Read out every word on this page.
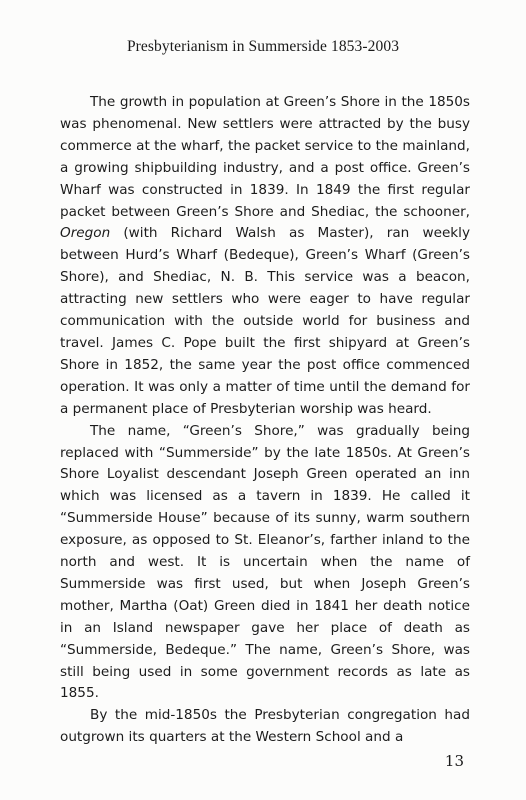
Presbyterianism in Summerside 1853-2003

The growth in population at Green’s Shore in the 1850s was phenomenal. New settlers were attracted by the busy commerce at the wharf, the packet service to the mainland, a growing shipbuilding industry, and a post office. Green’s Wharf was constructed in 1839. In 1849 the first regular packet between Green’s Shore and Shediac, the schooner, Oregon (with Richard Walsh as Master), ran weekly between Hurd’s Wharf (Bedeque), Green’s Wharf (Green’s Shore), and Shediac, N. B. This service was a beacon, attracting new settlers who were eager to have regular communication with the outside world for business and travel. James C. Pope built the first shipyard at Green’s Shore in 1852, the same year the post office commenced operation. It was only a matter of time until the demand for a permanent place of Presbyterian worship was heard.

The name, “Green’s Shore,” was gradually being replaced with “Summerside” by the late 1850s. At Green’s Shore Loyalist descendant Joseph Green operated an inn which was licensed as a tavern in 1839. He called it “Summerside House” because of its sunny, warm southern exposure, as opposed to St. Eleanor’s, farther inland to the north and west. It is uncertain when the name of Summerside was first used, but when Joseph Green’s mother, Martha (Oat) Green died in 1841 her death notice in an Island newspaper gave her place of death as “Summerside, Bedeque.” The name, Green’s Shore, was still being used in some government records as late as 1855.

By the mid-1850s the Presbyterian congregation had outgrown its quarters at the Western School and a

13
